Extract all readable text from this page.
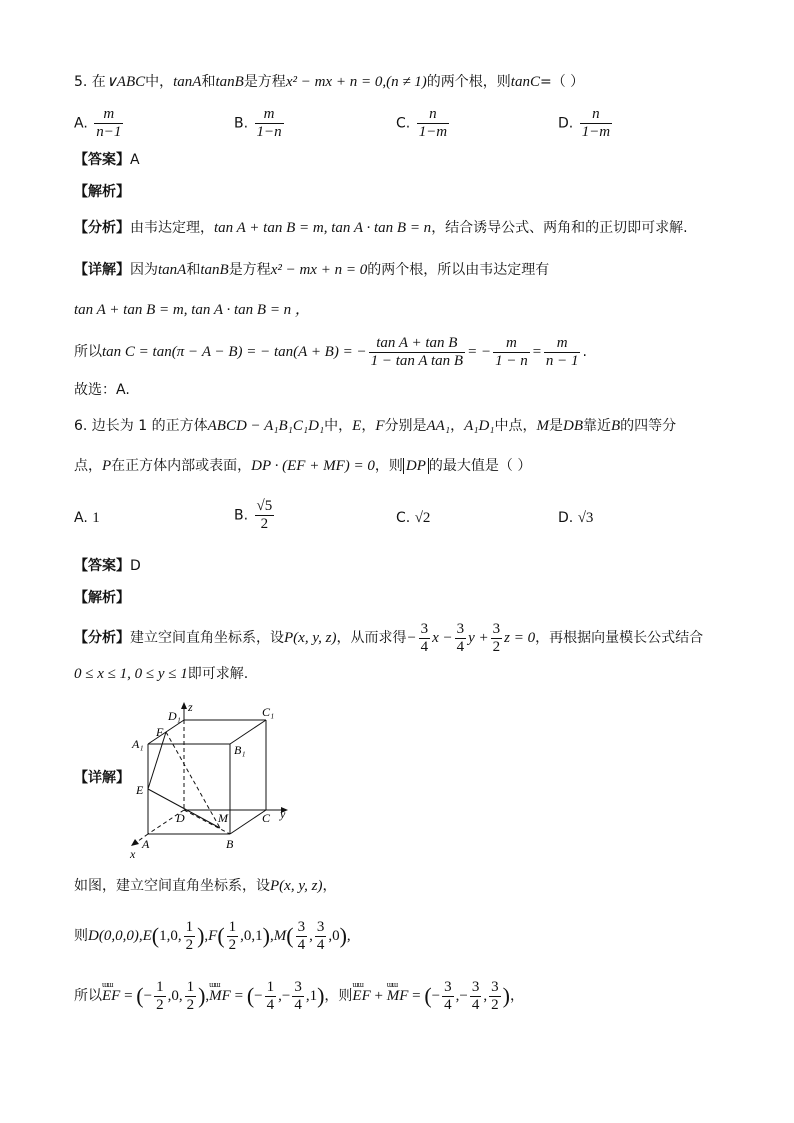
5. 在∨ABC中，tanA和tanB是方程x² − mx + n = 0,(n ≠ 1)的两个根，则tanC=（ ）
A. $\frac{m}{n-1}$	B. $\frac{m}{1-n}$	C. $\frac{n}{1-m}$	D. $\frac{n}{1-m}$
【答案】A
【解析】
【分析】由韦达定理，tan A + tan B = m, tan A · tan B = n，结合诱导公式、两角和的正切即可求解.
【详解】因为tanA和tanB是方程x² − mx + n = 0的两个根，所以由韦达定理有
tan A + tan B = m, tan A · tan B = n ，
所以tan C = tan(π − A − B) = − tan(A + B) = − $\frac{\text{tan A + tan B}}{\text{1 − tan A tan B}}$ = − $\frac{m}{1 - n} = \frac{m}{n - 1}$ .
故选：A.
6. 边长为 1 的正方体ABCD − A₁B₁C₁D₁中，E，F分别是AA₁，A₁D₁中点，M是DB靠近B的四等分
点，P在正方体内部或表面，DP · (EF + MF) = 0，则 DP 的最大值是（ ）
A. 1	B. $\frac{√5}{2}$	C. √2	D. √3
【答案】D
【解析】
【分析】建立空间直角坐标系，设P(x, y, z)，从而求得− $\frac{3}{4}$ $x - \frac{3}{4}$ $y + \frac{3}{2}$ z = 0，再根据向量模长公式结合
0 ≤ x ≤ 1, 0 ≤ y ≤ 1即可求解.
【详解】
D₁
z	C₁
A₁
F
B₁
E
D	M	C y
A	B
x
如图，建立空间直角坐标系，设P(x, y, z)，
则D(0,0,0),E(1,0, $\frac{1}{2} ),F( \frac{1}{2} ,0,1),M( \frac{3}{4}$ , $\frac{3}{4} ,0$),
所以ɯɯ EF = (− $\frac{1}{2} ,0$, $\frac{1}{2}$ ),ɯɯ MF = (− $\frac{1}{4}$ ,− $\frac{3}{4} ,1$)，则ɯɯ EF + ɯɯ MF = (− $\frac{3}{4}$ ,− $\frac{3}{4}$ , $\frac{3}{2}$ )，
